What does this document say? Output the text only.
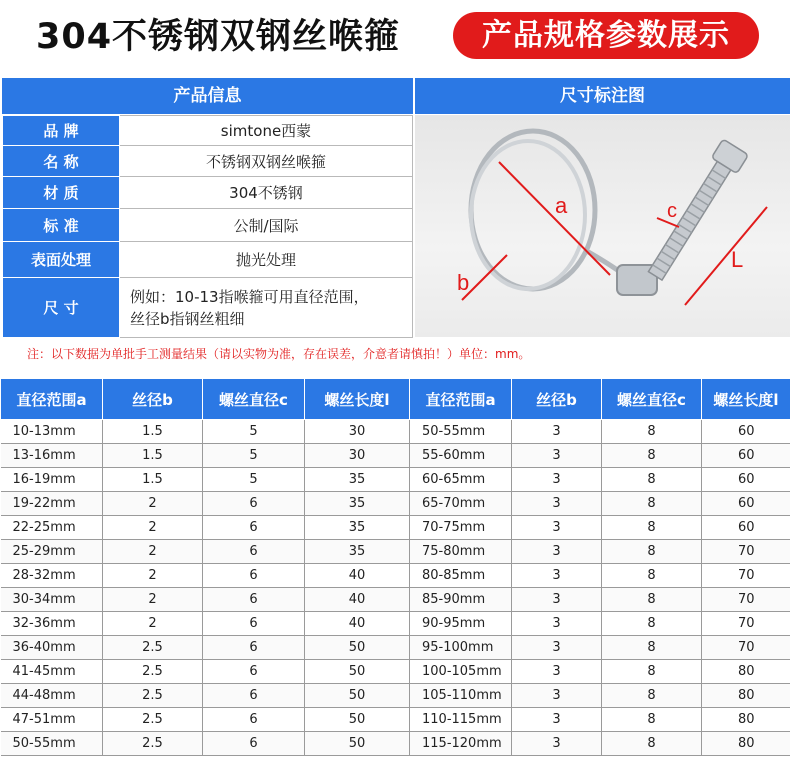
304不锈钢双钢丝喉箍	产品规格参数展示
产品信息	尺寸标注图
品 牌	simtone西蒙
名 称	不锈钢双钢丝喉箍
材 质	304不锈钢
标 准	公制/国际
表面处理	抛光处理
尺 寸	例如：10-13指喉箍可用直径范围，
丝径b指钢丝粗细
a
b
c
L
注：以下数据为单批手工测量结果（请以实物为准，存在误差，介意者请慎拍！）单位：mm。
直径范围a	丝径b	螺丝直径c	螺丝长度l	直径范围a	丝径b	螺丝直径c	螺丝长度l
10-13mm	1.5	5	30	50-55mm	3	8	60
13-16mm	1.5	5	30	55-60mm	3	8	60
16-19mm	1.5	5	35	60-65mm	3	8	60
19-22mm	2	6	35	65-70mm	3	8	60
22-25mm	2	6	35	70-75mm	3	8	60
25-29mm	2	6	35	75-80mm	3	8	70
28-32mm	2	6	40	80-85mm	3	8	70
30-34mm	2	6	40	85-90mm	3	8	70
32-36mm	2	6	40	90-95mm	3	8	70
36-40mm	2.5	6	50	95-100mm	3	8	70
41-45mm	2.5	6	50	100-105mm	3	8	80
44-48mm	2.5	6	50	105-110mm	3	8	80
47-51mm	2.5	6	50	110-115mm	3	8	80
50-55mm	2.5	6	50	115-120mm	3	8	80
